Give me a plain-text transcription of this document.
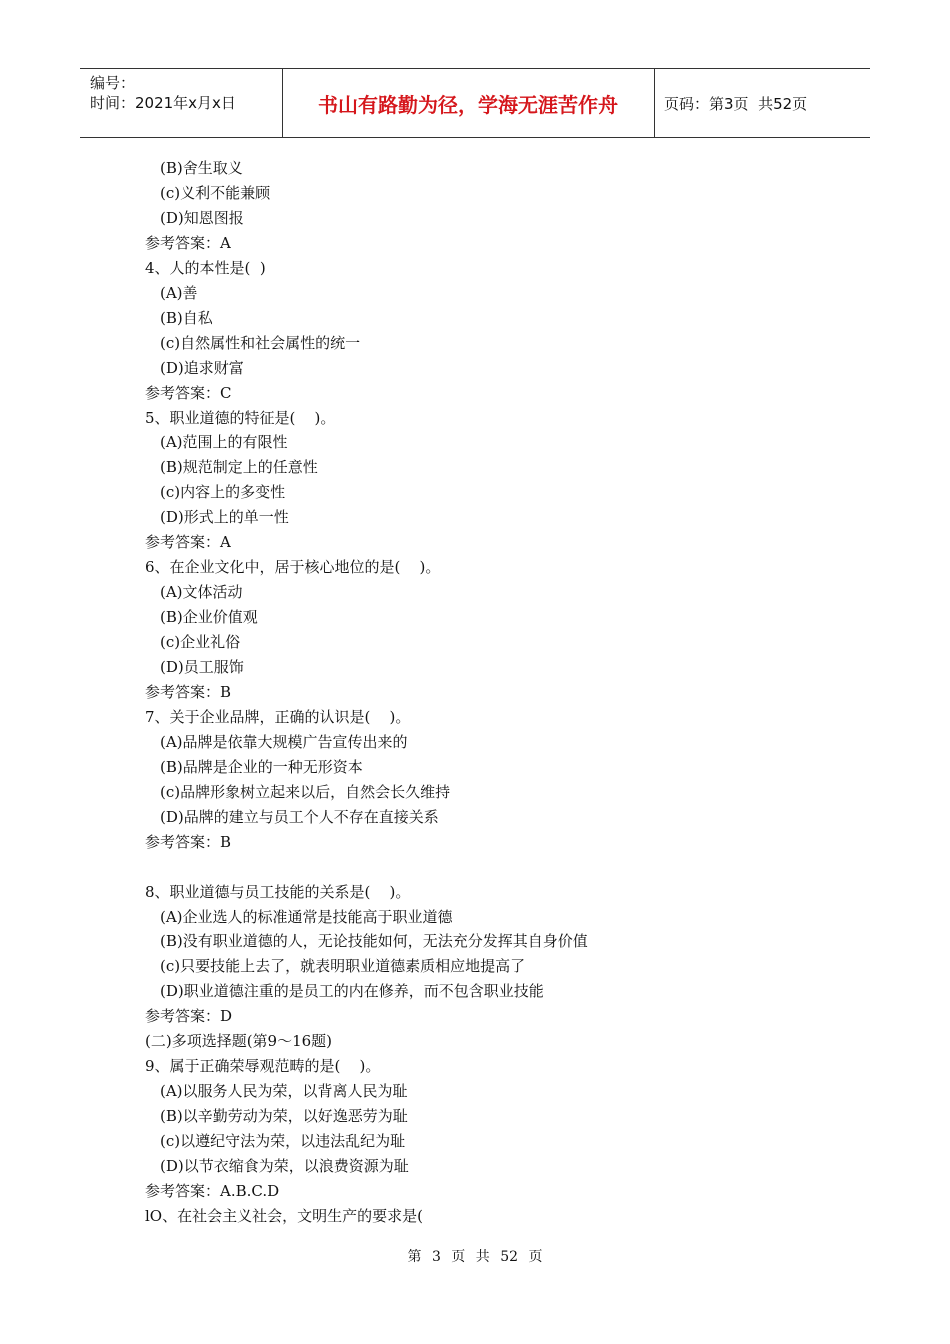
编号：
时间：2021年x月x日	书山有路勤为径，学海无涯苦作舟	页码：第3页  共52页
(B)舍生取义
(c)义利不能兼顾
(D)知恩图报
参考答案：A
4、人的本性是(  )
(A)善
(B)自私
(c)自然属性和社会属性的统一
(D)追求财富
参考答案：C
5、职业道德的特征是(    )。
(A)范围上的有限性
(B)规范制定上的任意性
(c)内容上的多变性
(D)形式上的单一性
参考答案：A
6、在企业文化中，居于核心地位的是(    )。
(A)文体活动
(B)企业价值观
(c)企业礼俗
(D)员工服饰
参考答案：B
7、关于企业品牌，正确的认识是(    )。
(A)品牌是依靠大规模广告宣传出来的
(B)品牌是企业的一种无形资本
(c)品牌形象树立起来以后，自然会长久维持
(D)品牌的建立与员工个人不存在直接关系
参考答案：B
8、职业道德与员工技能的关系是(    )。
(A)企业选人的标准通常是技能高于职业道德
(B)没有职业道德的人，无论技能如何，无法充分发挥其自身价值
(c)只要技能上去了，就表明职业道德素质相应地提高了
(D)职业道德注重的是员工的内在修养，而不包含职业技能
参考答案：D
(二)多项选择题(第9～16题)
9、属于正确荣辱观范畴的是(    )。
(A)以服务人民为荣，以背离人民为耻
(B)以辛勤劳动为荣，以好逸恶劳为耻
(c)以遵纪守法为荣，以违法乱纪为耻
(D)以节衣缩食为荣，以浪费资源为耻
参考答案：A.B.C.D
lO、在社会主义社会，文明生产的要求是(
第 3 页 共 52 页
